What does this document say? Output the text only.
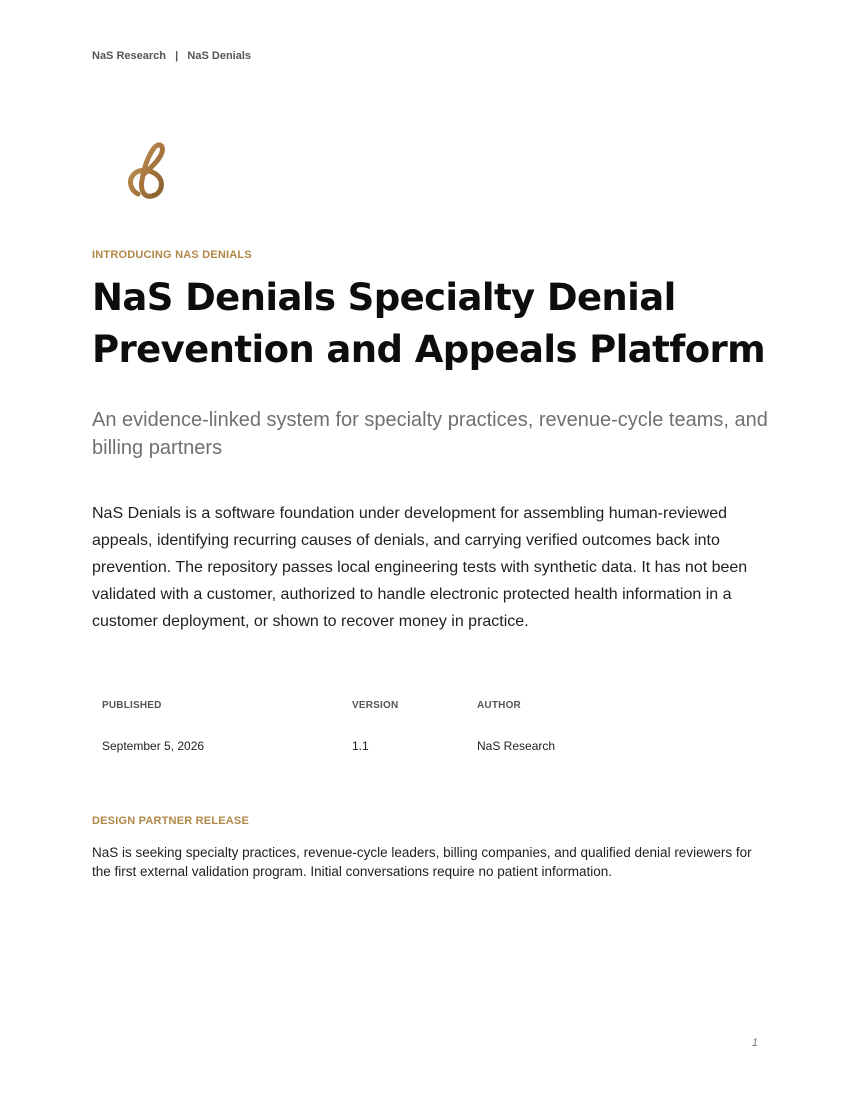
NaS Research | NaS Denials
INTRODUCING NAS DENIALS
NaS Denials Specialty Denial Prevention and Appeals Platform

An evidence-linked system for specialty practices, revenue-cycle teams, and billing partners

NaS Denials is a software foundation under development for assembling human-reviewed appeals, identifying recurring causes of denials, and carrying verified outcomes back into prevention. The repository passes local engineering tests with synthetic data. It has not been validated with a customer, authorized to handle electronic protected health information in a customer deployment, or shown to recover money in practice.

PUBLISHED
September 5, 2026
VERSION
1.1
AUTHOR
NaS Research
DESIGN PARTNER RELEASE

NaS is seeking specialty practices, revenue-cycle leaders, billing companies, and qualified denial reviewers for the first external validation program. Initial conversations require no patient information.

1
